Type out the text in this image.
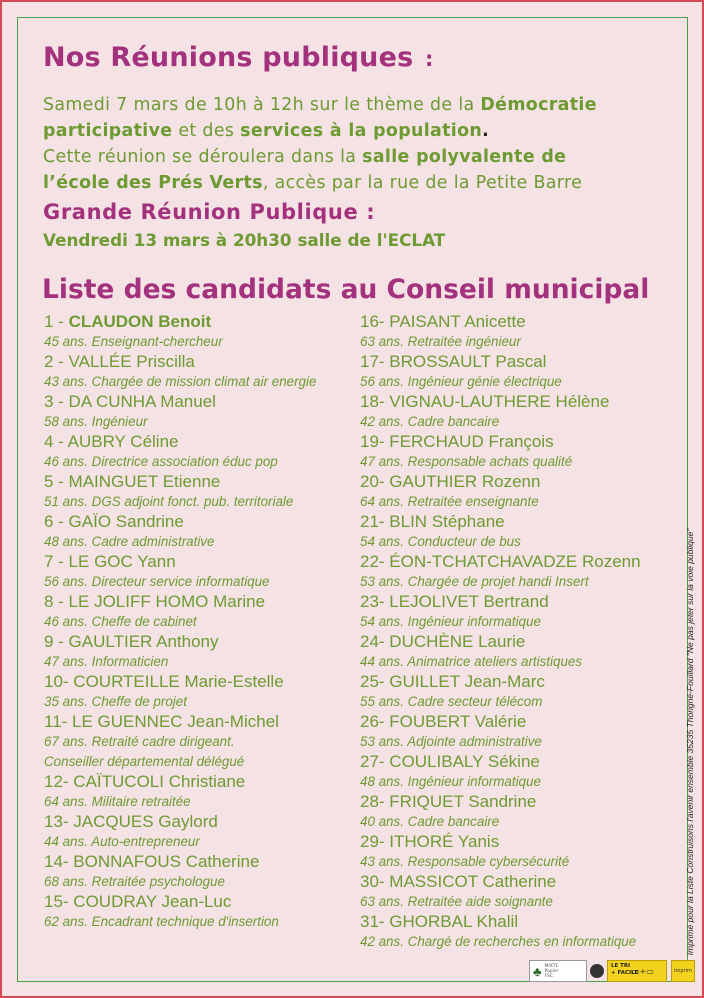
Nos Réunions publiques :

Samedi 7 mars de 10h à 12h sur le thème de la Démocratie

participative et des services à la population.

Cette réunion se déroulera dans la salle polyvalente de

l’école des Prés Verts, accès par la rue de la Petite Barre

Grande Réunion Publique :

Vendredi 13 mars à 20h30 salle de l'ECLAT

Liste des candidats au Conseil municipal
1 - CLAUDON Benoit
45 ans. Enseignant-chercheur
2 - VALLÉE Priscilla
43 ans. Chargée de mission climat air energie
3 - DA CUNHA Manuel
58 ans. Ingénieur
4 - AUBRY Céline
46 ans. Directrice association éduc pop
5 - MAINGUET Etienne
51 ans. DGS adjoint fonct. pub. territoriale
6 - GAÏO Sandrine
48 ans. Cadre administrative
7 - LE GOC Yann
56 ans. Directeur service informatique
8 - LE JOLIFF HOMO Marine
46 ans. Cheffe de cabinet
9 - GAULTIER Anthony
47 ans. Informaticien
10- COURTEILLE Marie-Estelle
35 ans. Cheffe de projet
11- LE GUENNEC Jean-Michel
67 ans. Retraité cadre dirigeant.
Conseiller départemental délégué
12- CAÏTUCOLI Christiane
64 ans. Militaire retraitée
13- JACQUES Gaylord
44 ans. Auto-entrepreneur
14- BONNAFOUS Catherine
68 ans. Retraitée psychologue
15- COUDRAY Jean-Luc
62 ans. Encadrant technique d'insertion
16- PAISANT Anicette
63 ans. Retraitée ingénieur
17- BROSSAULT Pascal
56 ans. Ingénieur génie électrique
18- VIGNAU-LAUTHERE Hélène
42 ans. Cadre bancaire
19- FERCHAUD François
47 ans. Responsable achats qualité
20- GAUTHIER Rozenn
64 ans. Retraitée enseignante
21- BLIN Stéphane
54 ans. Conducteur de bus
22- ÉON-TCHATCHAVADZE Rozenn
53 ans. Chargée de projet handi Insert
23- LEJOLIVET Bertrand
54 ans. Ingénieur informatique
24- DUCHÈNE Laurie
44 ans. Animatrice ateliers artistiques
25- GUILLET Jean-Marc
55 ans. Cadre secteur télécom
26- FOUBERT Valérie
53 ans. Adjointe administrative
27- COULIBALY Sékine
48 ans. Ingénieur informatique
28- FRIQUET Sandrine
40 ans. Cadre bancaire
29- ITHORÉ Yanis
43 ans. Responsable cybersécurité
30- MASSICOT Catherine
63 ans. Retraitée aide soignante
31- GHORBAL Khalil
42 ans. Chargé de recherches en informatique	Imprimé pour la Liste Construisons l'avenir ensemble 35235 Thorigné-Fouillard "Ne pas jeter sur la voie publique"
♣ MIXTE
Papier
FSC
LE TRI
+ FACILE
▭+▭	imprim
